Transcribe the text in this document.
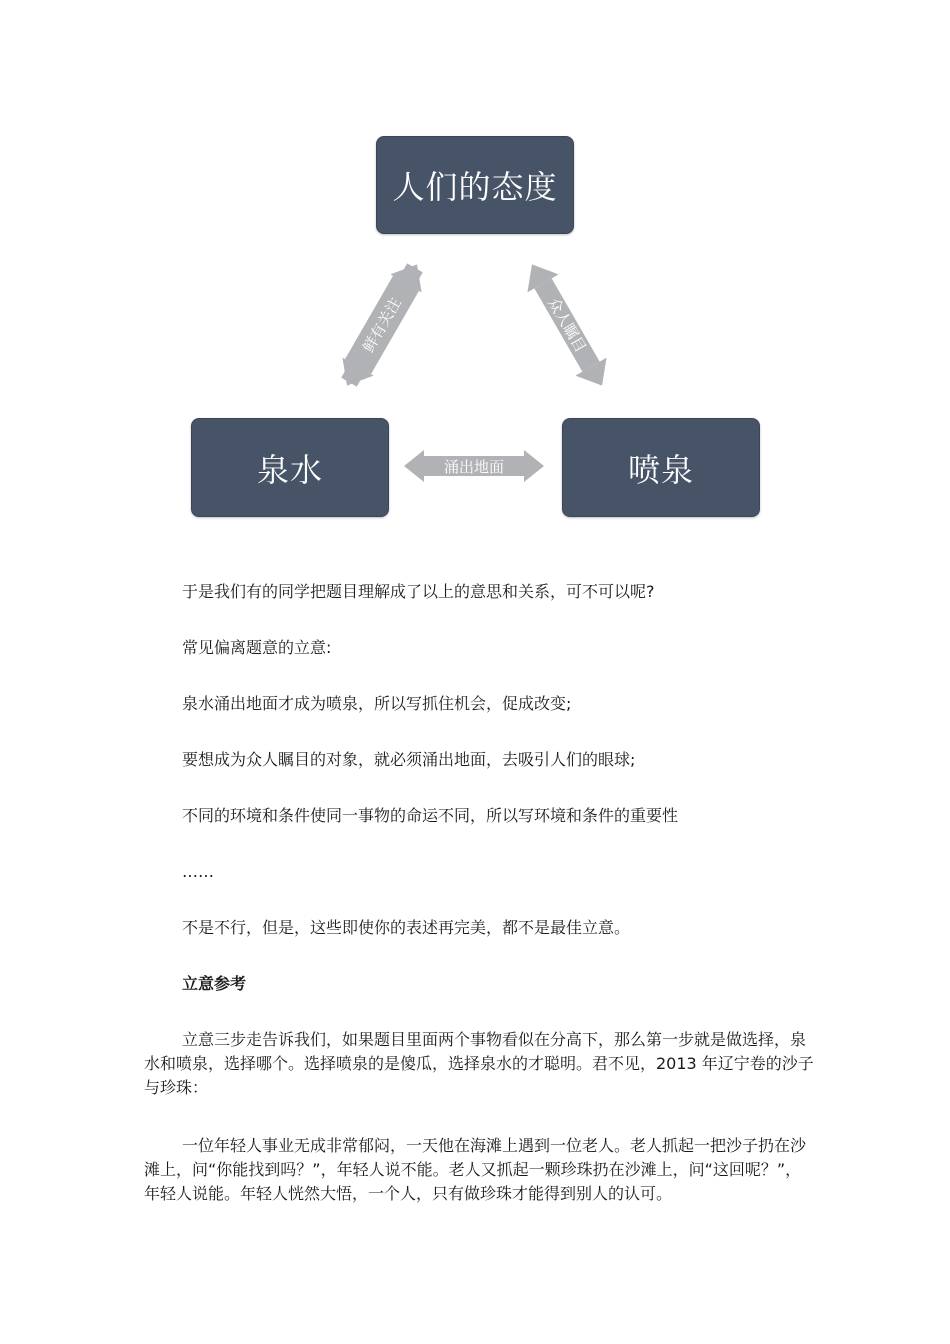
鲜有关注	众人瞩目
涌出地面
人们的态度
泉水	喷泉

于是我们有的同学把题目理解成了以上的意思和关系，可不可以呢?

常见偏离题意的立意:

泉水涌出地面才成为喷泉，所以写抓住机会，促成改变;

要想成为众人瞩目的对象，就必须涌出地面，去吸引人们的眼球;

不同的环境和条件使同一事物的命运不同，所以写环境和条件的重要性

……

不是不行，但是，这些即使你的表述再完美，都不是最佳立意。

立意参考

立意三步走告诉我们，如果题目里面两个事物看似在分高下，那么第一步就是做选择，泉水和喷泉，选择哪个。选择喷泉的是傻瓜，选择泉水的才聪明。君不见，2013 年辽宁卷的沙子与珍珠：

一位年轻人事业无成非常郁闷，一天他在海滩上遇到一位老人。老人抓起一把沙子扔在沙滩上，问“你能找到吗？”，年轻人说不能。老人又抓起一颗珍珠扔在沙滩上，问“这回呢？”，年轻人说能。年轻人恍然大悟，一个人，只有做珍珠才能得到别人的认可。
